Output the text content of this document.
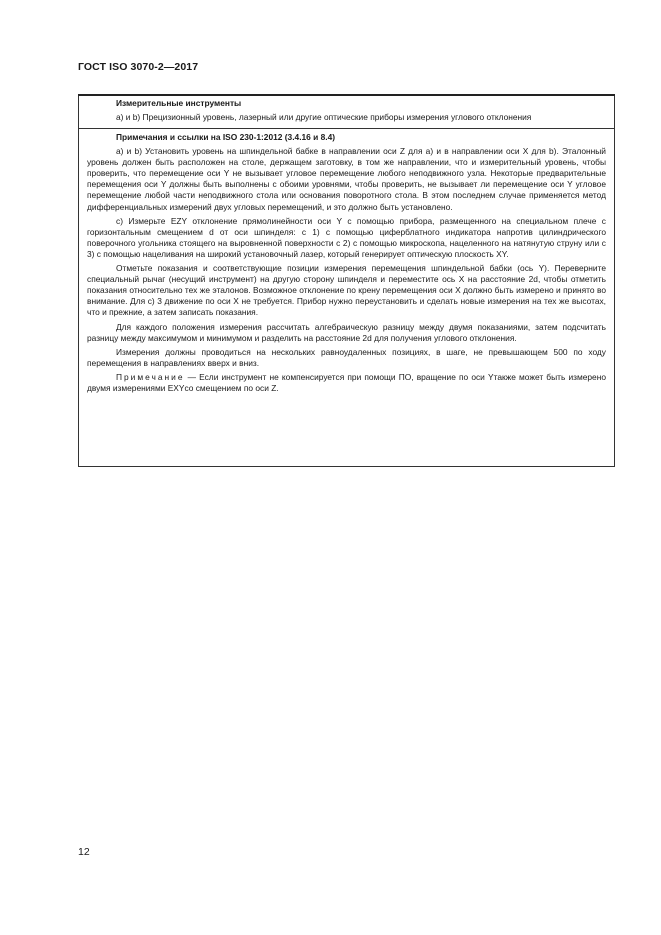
ГОСТ ISO 3070-2—2017

Измерительные инструменты

а) и b) Прецизионный уровень, лазерный или другие оптические приборы измерения углового отклонения

Примечания и ссылки на ISO 230-1:2012 (3.4.16 и 8.4)

а) и b) Установить уровень на шпиндельной бабке в направлении оси Z для а) и в направлении оси X для b). Эталонный уровень должен быть расположен на столе, держащем заготовку, в том же направлении, что и измерительный уровень, чтобы проверить, что перемещение оси Y не вызывает угловое перемещение любого неподвижного узла. Некоторые предварительные перемещения оси Y должны быть выполнены с обоими уровнями, чтобы проверить, не вызывает ли перемещение оси Y угловое перемещение любой части неподвижного стола или основания поворотного стола. В этом последнем случае применяется метод дифференциальных измерений двух угловых перемещений, и это должно быть установлено.

с) Измерьте EZY отклонение прямолинейности оси Y с помощью прибора, размещенного на специальном плече с горизонтальным смещением d от оси шпинделя: с 1) с помощью циферблатного индикатора напротив цилиндрического поверочного угольника стоящего на выровненной поверхности с 2) с помощью микроскопа, нацеленного на натянутую струну или с 3) с помощью нацеливания на широкий установочный лазер, который генерирует оптическую плоскость XY.

Отметьте показания и соответствующие позиции измерения перемещения шпиндельной бабки (ось Y). Переверните специальный рычаг (несущий инструмент) на другую сторону шпинделя и переместите ось X на расстояние 2d, чтобы отметить показания относительно тех же эталонов. Возможное отклонение по крену перемещения оси X должно быть измерено и принято во внимание. Для с) 3 движение по оси X не требуется. Прибор нужно переустановить и сделать новые измерения на тех же высотах, что и прежние, а затем записать показания.

Для каждого положения измерения рассчитать алгебраическую разницу между двумя показаниями, затем подсчитать разницу между максимумом и минимумом и разделить на расстояние 2d для получения углового отклонения.

Измерения должны проводиться на нескольких равноудаленных позициях, в шаге, не превышающем 500 по ходу перемещения в направлениях вверх и вниз.

Примечание — Если инструмент не компенсируется при помощи ПО, вращение по оси Yтакже может быть измерено двумя измерениями EXYсо смещением по оси Z.

12
